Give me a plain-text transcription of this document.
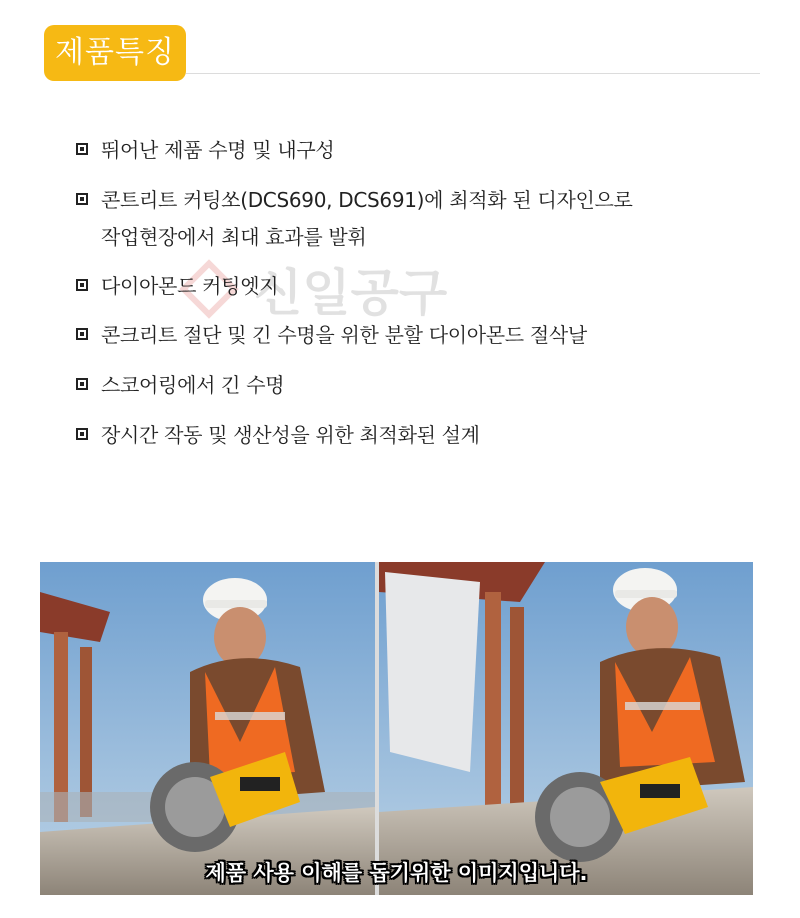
제품특징
신일공구

뛰어난 제품 수명 및 내구성

콘트리트 커팅쏘(DCS690, DCS691)에 최적화 된 디자인으로
작업현장에서 최대 효과를 발휘

다이아몬드 커팅엣지

콘크리트 절단 및 긴 수명을 위한 분할 다이아몬드 절삭날

스코어링에서 긴 수명

장시간 작동 및 생산성을 위한 최적화된 설계

제품 사용 이해를 돕기위한 이미지입니다.
